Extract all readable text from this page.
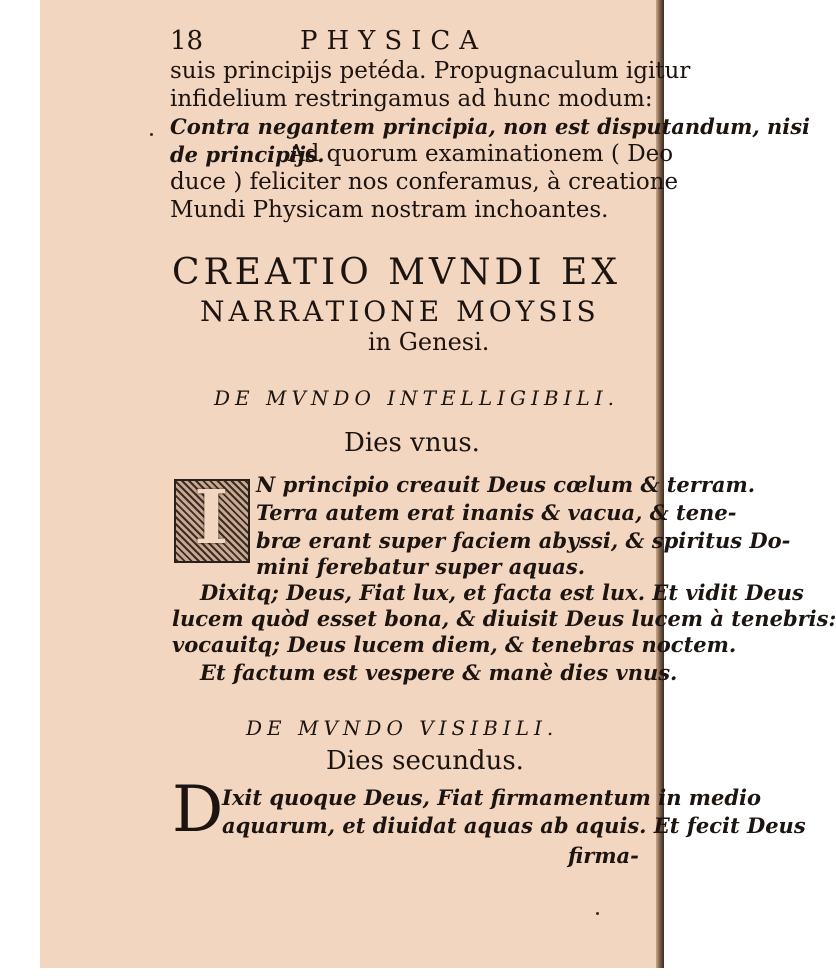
18	PHYSICA
suis principijs petéda. Propugnaculum igitur
infidelium restringamus ad hunc modum:
Contra negantem principia, non est disputandum, nisi
de principijs.
Ad quorum examinationem ( Deo
duce ) feliciter nos conferamus, à creatione
Mundi Physicam nostram inchoantes.
CREATIO MVNDI EX
NARRATIONE MOYSIS
in Genesi.
DE MVNDO INTELLIGIBILI.
Dies vnus.
I N principio creauit Deus cœlum & terram.
Terra autem erat inanis & vacua, & tene-
bræ erant super faciem abyssi, & spiritus Do-
mini ferebatur super aquas.
Dixitq; Deus, Fiat lux, et facta est lux. Et vidit Deus
lucem quòd esset bona, & diuisit Deus lucem à tenebris:
vocauitq; Deus lucem diem, & tenebras noctem.
Et factum est vespere & manè dies vnus.
DE MVNDO VISIBILI.
Dies secundus.
D
Ixit quoque Deus, Fiat firmamentum in medio
aquarum, et diuidat aquas ab aquis. Et fecit Deus
firma-
